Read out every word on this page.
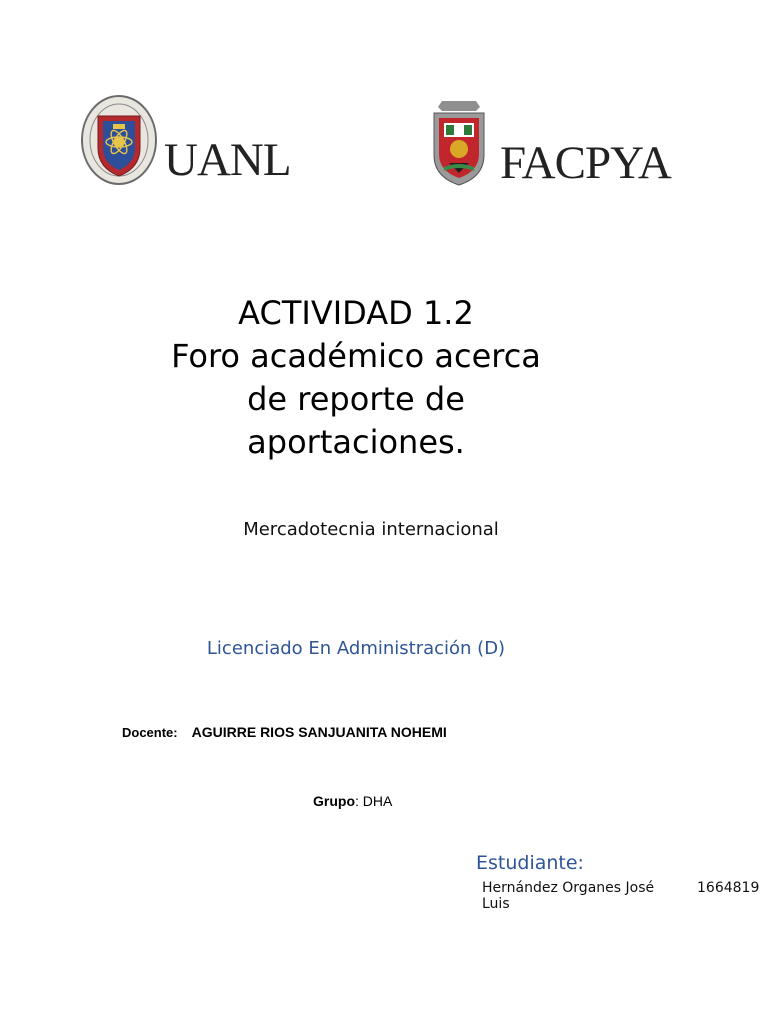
UANL	FACPYA
ACTIVIDAD 1.2
Foro académico acerca
de reporte de
aportaciones.
Mercadotecnia internacional
Licenciado En Administración (D)
Docente: AGUIRRE RIOS SANJUANITA NOHEMI
Grupo: DHA
Estudiante:
Hernández Organes José Luis
1664819
